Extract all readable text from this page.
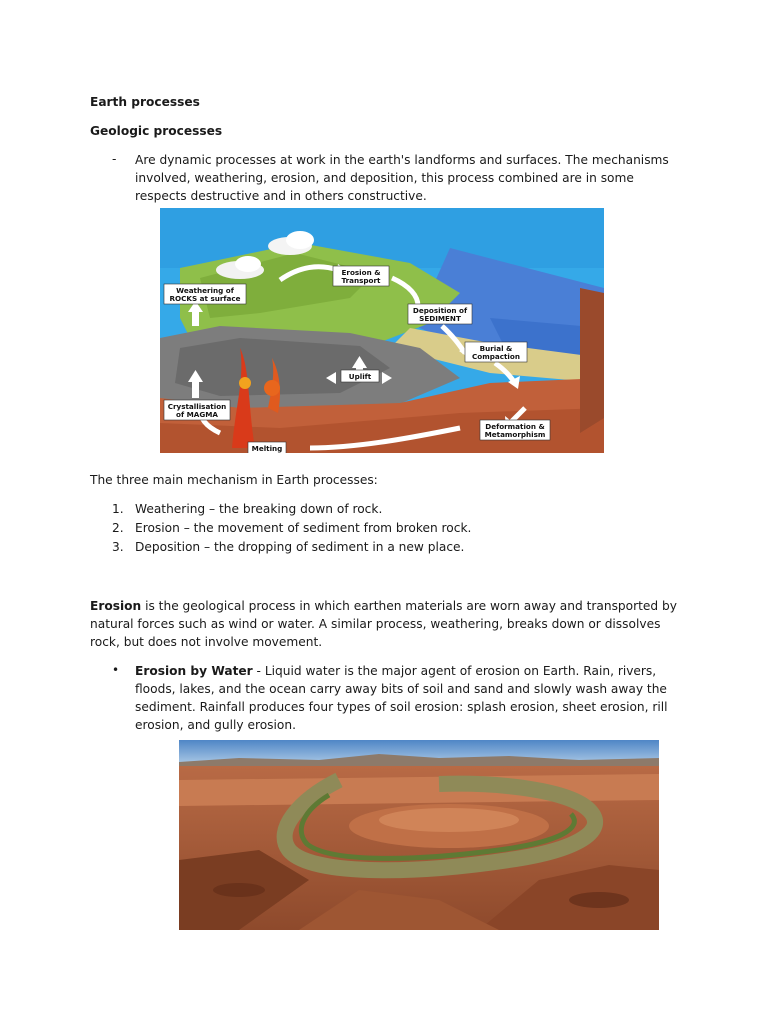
Earth processes

Geologic processes

- Are dynamic processes at work in the earth's landforms and surfaces. The mechanisms involved, weathering, erosion, and deposition, this process combined are in some respects destructive and in others constructive.

Weathering of
ROCKS at surface
Erosion &
Transport
Deposition of
SEDIMENT
Burial &
Compaction
Uplift
Crystallisation
of MAGMA
Deformation &
Metamorphism
Melting

The three main mechanism in Earth processes:

1. Weathering – the breaking down of rock.
2. Erosion – the movement of sediment from broken rock.
3. Deposition – the dropping of sediment in a new place.

Erosion is the geological process in which earthen materials are worn away and transported by natural forces such as wind or water. A similar process, weathering, breaks down or dissolves rock, but does not involve movement.

• Erosion by Water - Liquid water is the major agent of erosion on Earth. Rain, rivers, floods, lakes, and the ocean carry away bits of soil and sand and slowly wash away the sediment. Rainfall produces four types of soil erosion: splash erosion, sheet erosion, rill erosion, and gully erosion.
